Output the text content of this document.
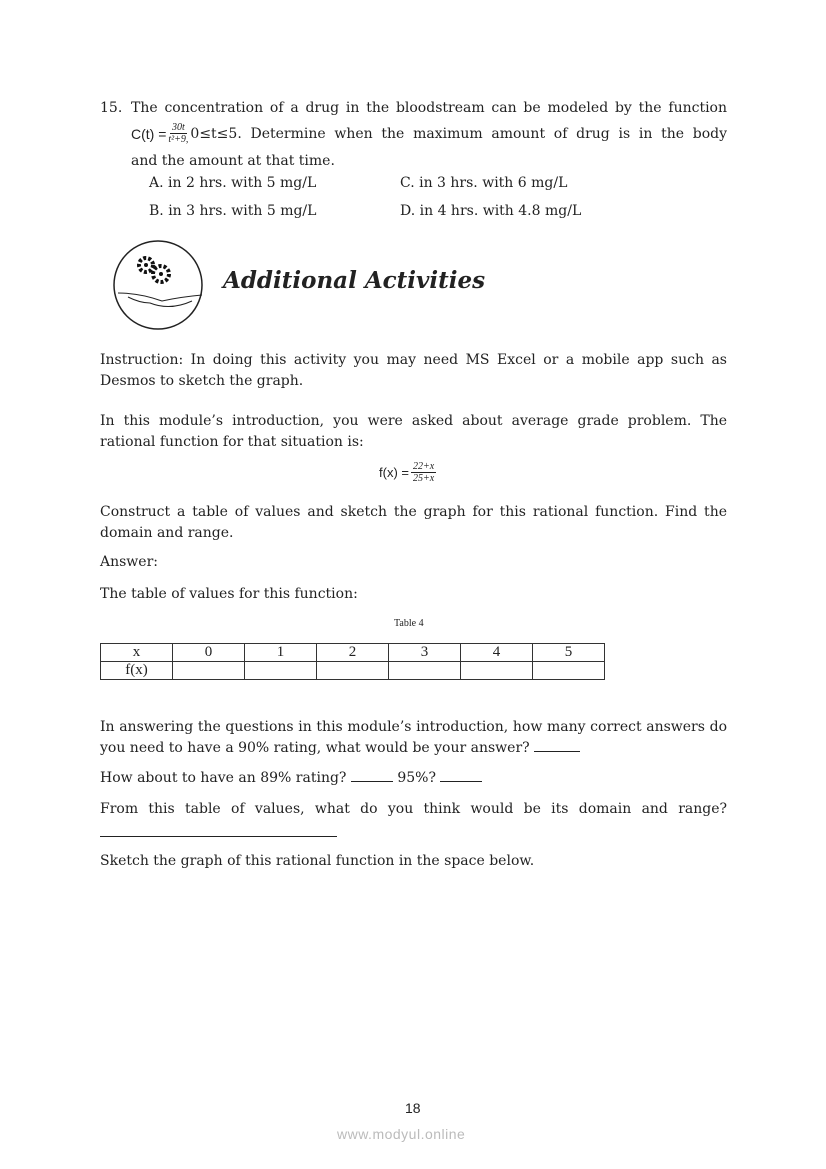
15. The concentration of a drug in the bloodstream can be modeled by the function
$C(t) = \frac{30t}{\text{t²+9,}} 0\le t\le 5$. Determine when the maximum amount of drug is in the body
and the amount at that time.
A. in 2 hrs. with 5 mg/L	C. in 3 hrs. with 6 mg/L
B. in 3 hrs. with 5 mg/L	D. in 4 hrs. with 4.8 mg/L
Additional Activities
Instruction: In doing this activity you may need MS Excel or a mobile app such as Desmos to sketch the graph.
In this module’s introduction, you were asked about average grade problem. The rational function for that situation is:
$f(x) = \frac{22+x}{25+x}$
Construct a table of values and sketch the graph for this rational function. Find the domain and range.
Answer:
The table of values for this function:
Table 4
x	0	1	2	3	4	5
f(x)						
In answering the questions in this module’s introduction, how many correct answers do you need to have a 90% rating, what would be your answer?
How about to have an 89% rating?	95%?
From this table of values, what do you think would be its domain and range?
Sketch the graph of this rational function in the space below.
18
www.modyul.online
